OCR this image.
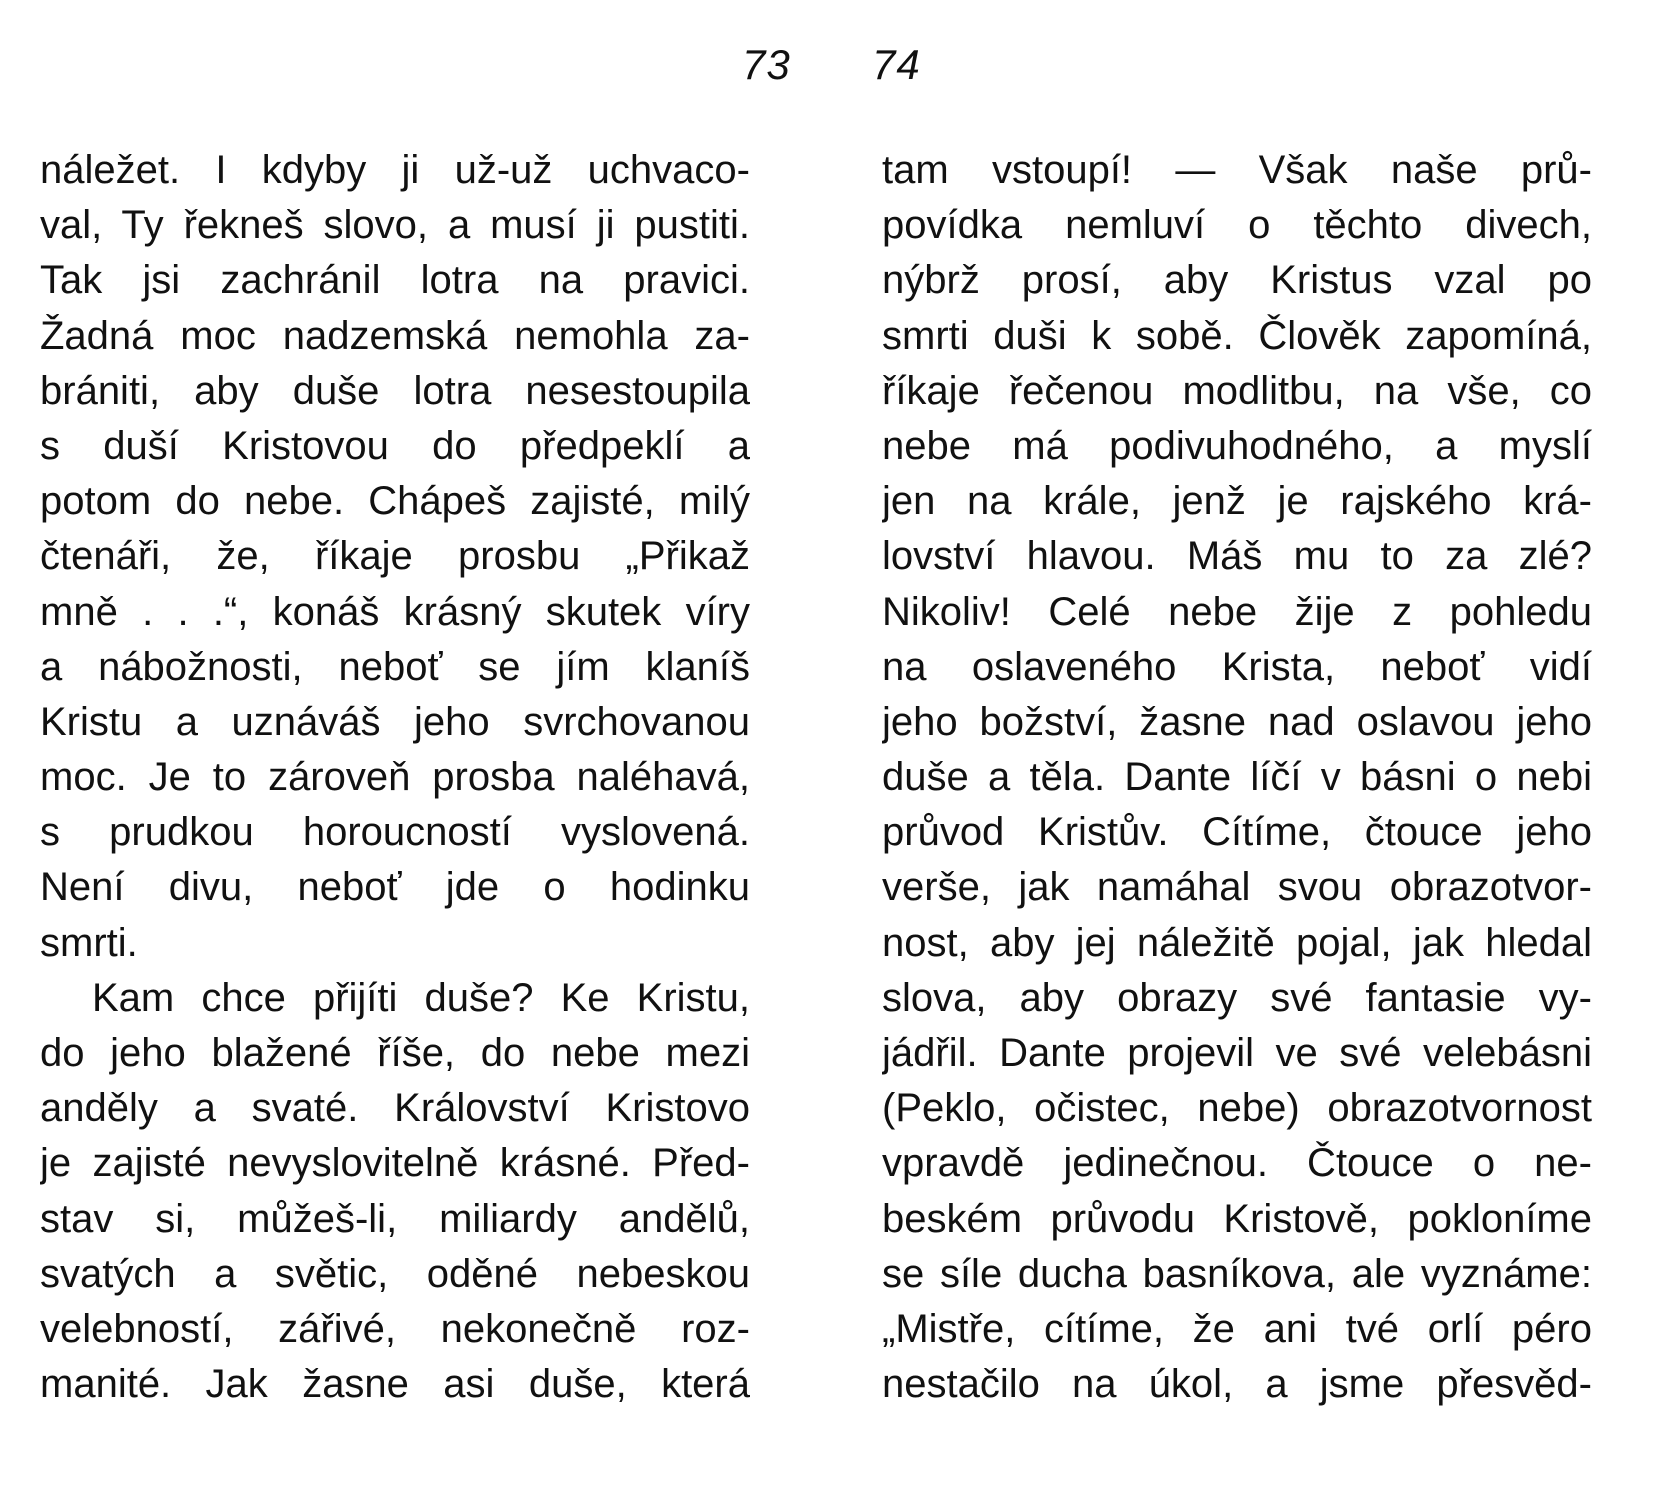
73 74
náležet. I kdyby ji už-už uchvaco-
val, Ty řekneš slovo, a musí ji pustiti.
Tak jsi zachránil lotra na pravici.
Žadná moc nadzemská nemohla za-
brániti, aby duše lotra nesestoupila
s duší Kristovou do předpeklí a
potom do nebe. Chápeš zajisté, milý
čtenáři, že, říkaje prosbu „Přikaž
mně . . .“, konáš krásný skutek víry
a nábožnosti, neboť se jím klaníš
Kristu a uznáváš jeho svrchovanou
moc. Je to zároveň prosba naléhavá,
s prudkou horoucností vyslovená.
Není divu, neboť jde o hodinku
smrti.
Kam chce přijíti duše? Ke Kristu,
do jeho blažené říše, do nebe mezi
anděly a svaté. Království Kristovo
je zajisté nevyslovitelně krásné. Před-
stav si, můžeš-li, miliardy andělů,
svatých a světic, oděné nebeskou
velebností, zářivé, nekonečně roz-
manité. Jak žasne asi duše, která
tam vstoupí! — Však naše prů-
povídka nemluví o těchto divech,
nýbrž prosí, aby Kristus vzal po
smrti duši k sobě. Člověk zapomíná,
říkaje řečenou modlitbu, na vše, co
nebe má podivuhodného, a myslí
jen na krále, jenž je rajského krá-
lovství hlavou. Máš mu to za zlé?
Nikoliv! Celé nebe žije z pohledu
na oslaveného Krista, neboť vidí
jeho božství, žasne nad oslavou jeho
duše a těla. Dante líčí v básni o nebi
průvod Kristův. Cítíme, čtouce jeho
verše, jak namáhal svou obrazotvor-
nost, aby jej náležitě pojal, jak hledal
slova, aby obrazy své fantasie vy-
jádřil. Dante projevil ve své velebásni
(Peklo, očistec, nebe) obrazotvornost
vpravdě jedinečnou. Čtouce o ne-
beském průvodu Kristově, pokloníme
se síle ducha basníkova, ale vyznáme:
„Mistře, cítíme, že ani tvé orlí péro
nestačilo na úkol, a jsme přesvěd-
